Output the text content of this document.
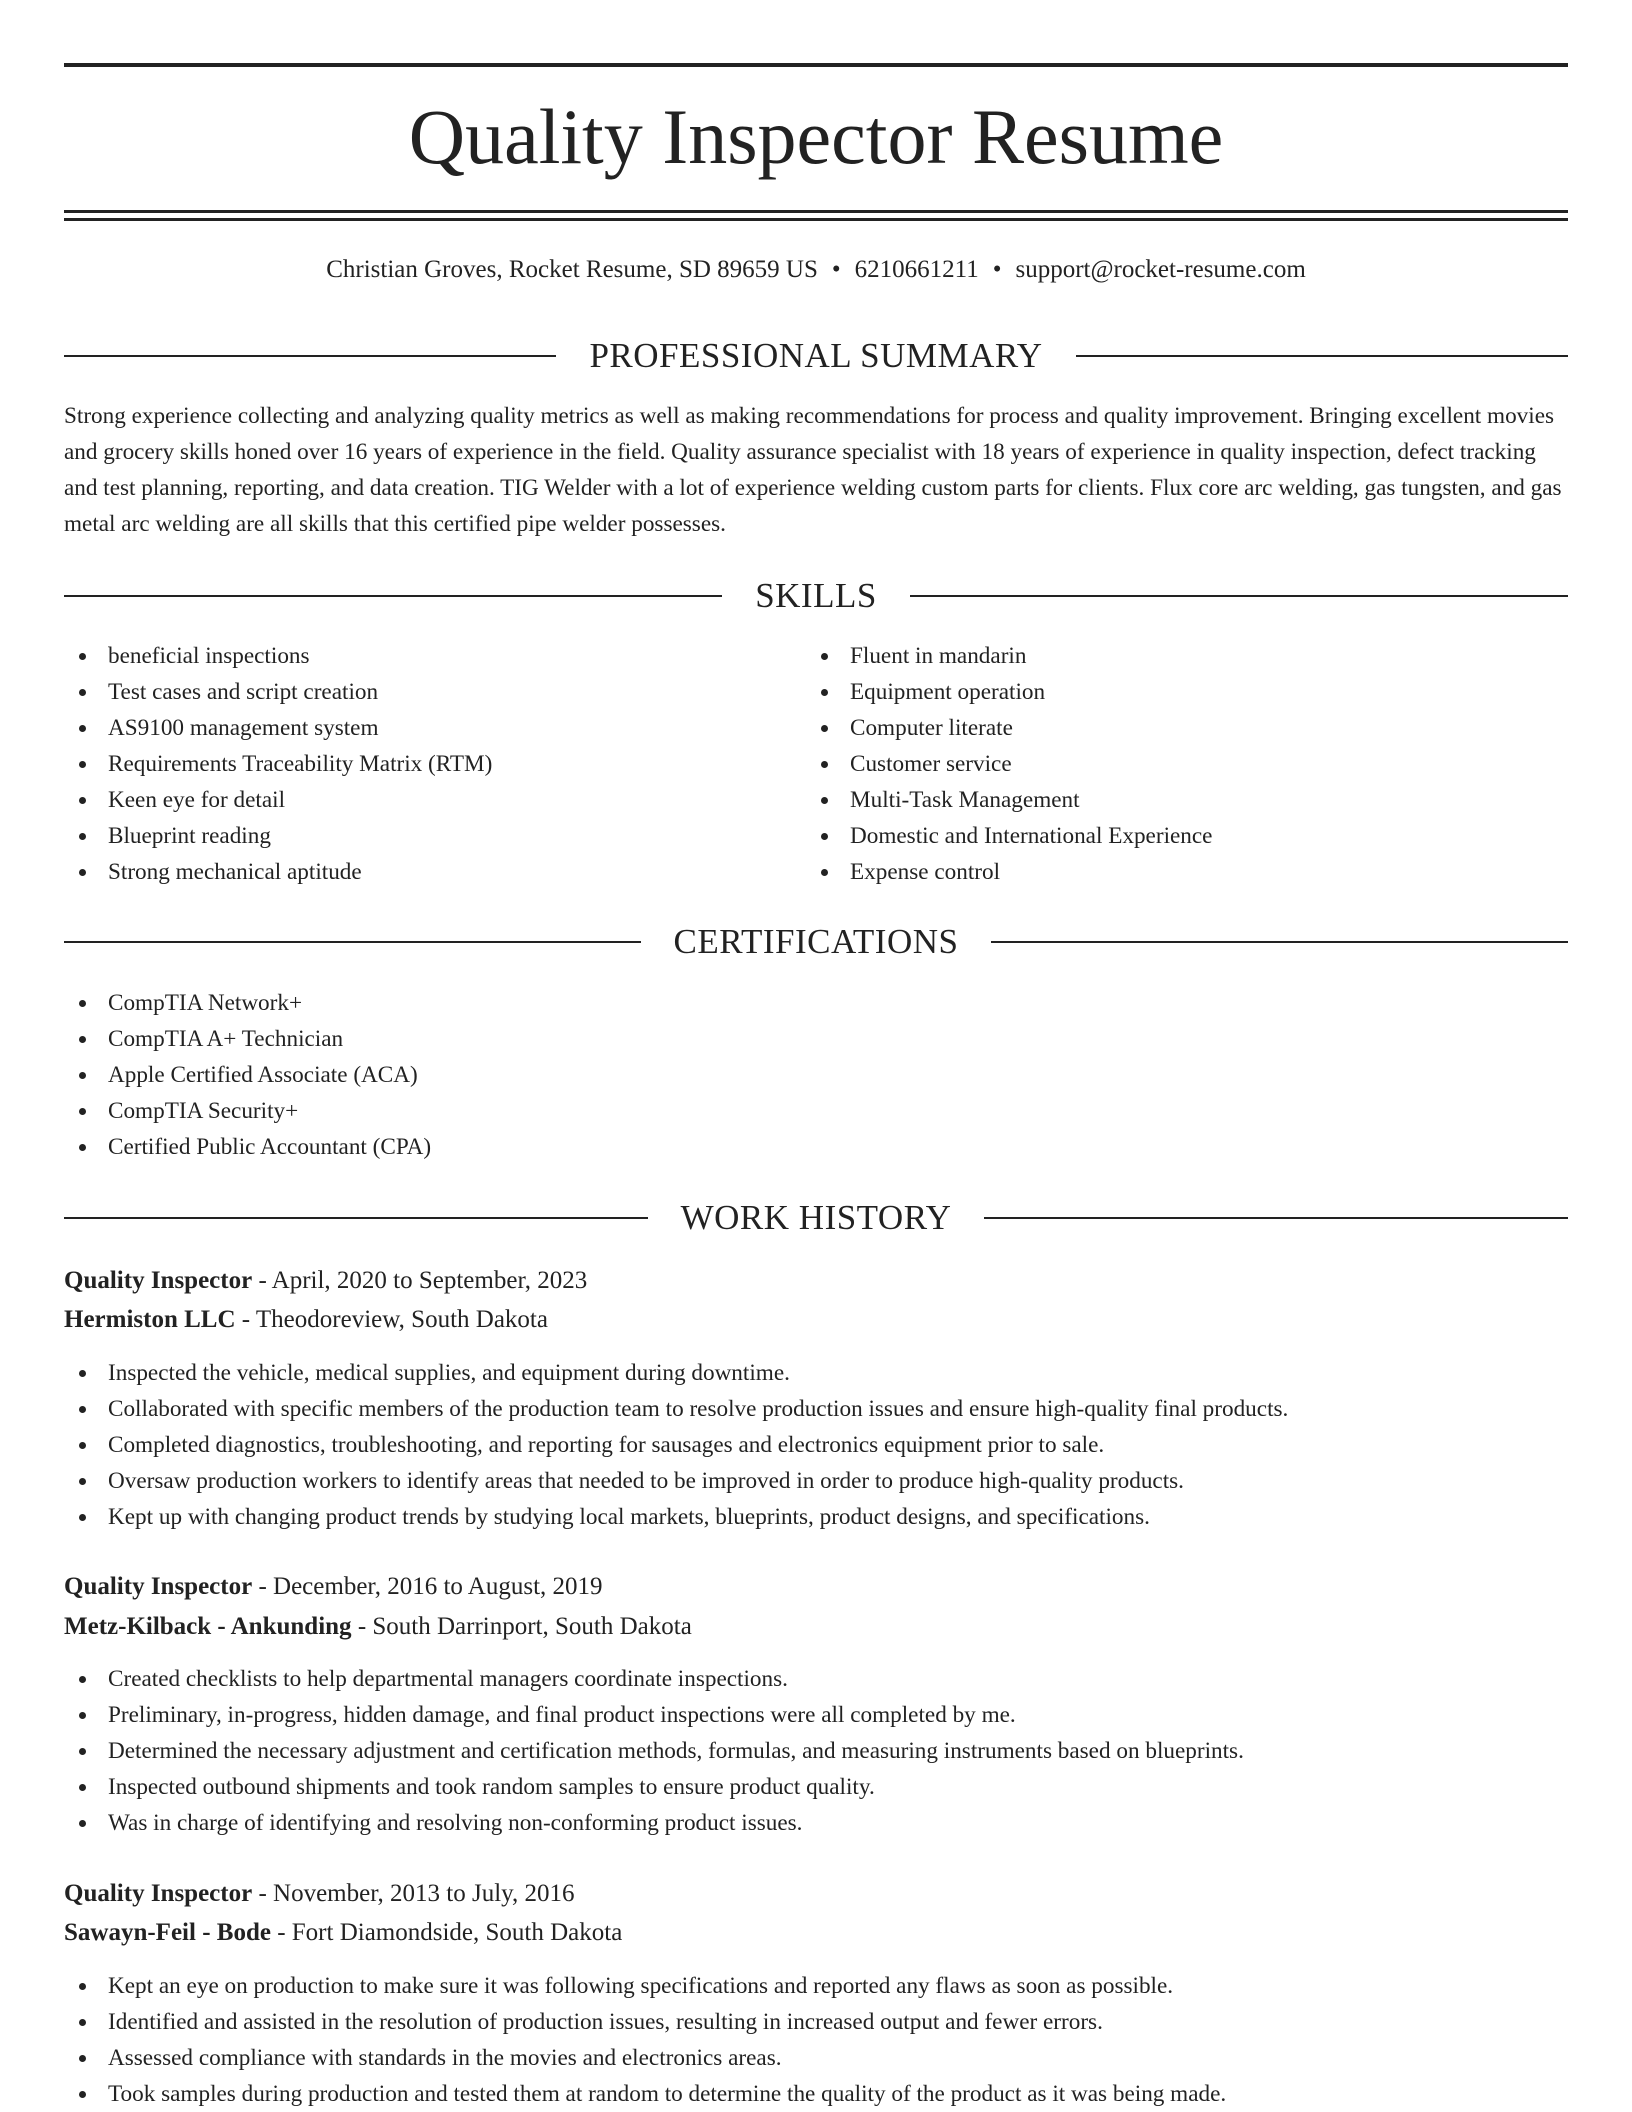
Quality Inspector Resume
Christian Groves, Rocket Resume, SD 89659 US • 6210661211 • support@rocket-resume.com
PROFESSIONAL SUMMARY
Strong experience collecting and analyzing quality metrics as well as making recommendations for process and quality improvement. Bringing excellent movies and grocery skills honed over 16 years of experience in the field. Quality assurance specialist with 18 years of experience in quality inspection, defect tracking and test planning, reporting, and data creation. TIG Welder with a lot of experience welding custom parts for clients. Flux core arc welding, gas tungsten, and gas metal arc welding are all skills that this certified pipe welder possesses.
SKILLS
beneficial inspections
Test cases and script creation
AS9100 management system
Requirements Traceability Matrix (RTM)
Keen eye for detail
Blueprint reading
Strong mechanical aptitude
Fluent in mandarin
Equipment operation
Computer literate
Customer service
Multi-Task Management
Domestic and International Experience
Expense control
CERTIFICATIONS
CompTIA Network+
CompTIA A+ Technician
Apple Certified Associate (ACA)
CompTIA Security+
Certified Public Accountant (CPA)
WORK HISTORY
Quality Inspector - April, 2020 to September, 2023
Hermiston LLC - Theodoreview, South Dakota
Inspected the vehicle, medical supplies, and equipment during downtime.
Collaborated with specific members of the production team to resolve production issues and ensure high-quality final products.
Completed diagnostics, troubleshooting, and reporting for sausages and electronics equipment prior to sale.
Oversaw production workers to identify areas that needed to be improved in order to produce high-quality products.
Kept up with changing product trends by studying local markets, blueprints, product designs, and specifications.
Quality Inspector - December, 2016 to August, 2019
Metz-Kilback - Ankunding - South Darrinport, South Dakota
Created checklists to help departmental managers coordinate inspections.
Preliminary, in-progress, hidden damage, and final product inspections were all completed by me.
Determined the necessary adjustment and certification methods, formulas, and measuring instruments based on blueprints.
Inspected outbound shipments and took random samples to ensure product quality.
Was in charge of identifying and resolving non-conforming product issues.
Quality Inspector - November, 2013 to July, 2016
Sawayn-Feil - Bode - Fort Diamondside, South Dakota
Kept an eye on production to make sure it was following specifications and reported any flaws as soon as possible.
Identified and assisted in the resolution of production issues, resulting in increased output and fewer errors.
Assessed compliance with standards in the movies and electronics areas.
Took samples during production and tested them at random to determine the quality of the product as it was being made.
